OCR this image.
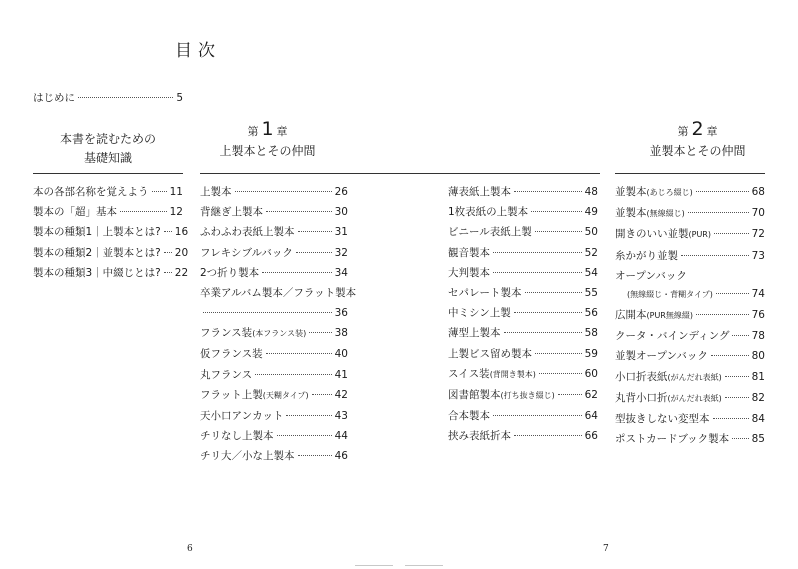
目次
はじめに	5
本書を読むための
基礎知識
第 1 章
上製本とその仲間
第 2 章
並製本とその仲間
本の各部名称を覚えよう 11
製本の「超」基本	12
製本の種類1｜上製本とは? 16
製本の種類2｜並製本とは? 20
製本の種類3｜中綴じとは? 22
上製本	26
背継ぎ上製本	30
ふわふわ表紙上製本	31
フレキシブルバック	32
2つ折り製本	34
卒業アルバム製本／フラット製本
36
フランス装 (本フランス装)	38
仮フランス装	40
丸フランス	41
フラット上製 (天糊タイプ) 42
天小口アンカット	43
チリなし上製本	44
チリ大／小な上製本	46
薄表紙上製本	48
1枚表紙の上製本	49
ビニール表紙上製	50
観音製本	52
大判製本	54
セパレート製本	55
中ミシン上製	56
薄型上製本	58
上製ビス留め製本	59
スイス装 (背開き製本)	60
図書館製本 (打ち抜き綴じ)	62
合本製本	64
挟み表紙折本	66
並製本 (あじろ綴じ)	68
並製本 (無線綴じ)	70
開きのいい並製 (PUR)	72
糸かがり並製	73
オープンバック
(無線綴じ・背糊タイプ)	74
広開本 (PUR無線綴)	76
クータ・バインディング 78
並製オープンバック	80
小口折表紙 (がんだれ表紙)	81
丸背小口折 (がんだれ表紙)	82
型抜きしない変型本	84
ポストカードブック製本 85
6	7
